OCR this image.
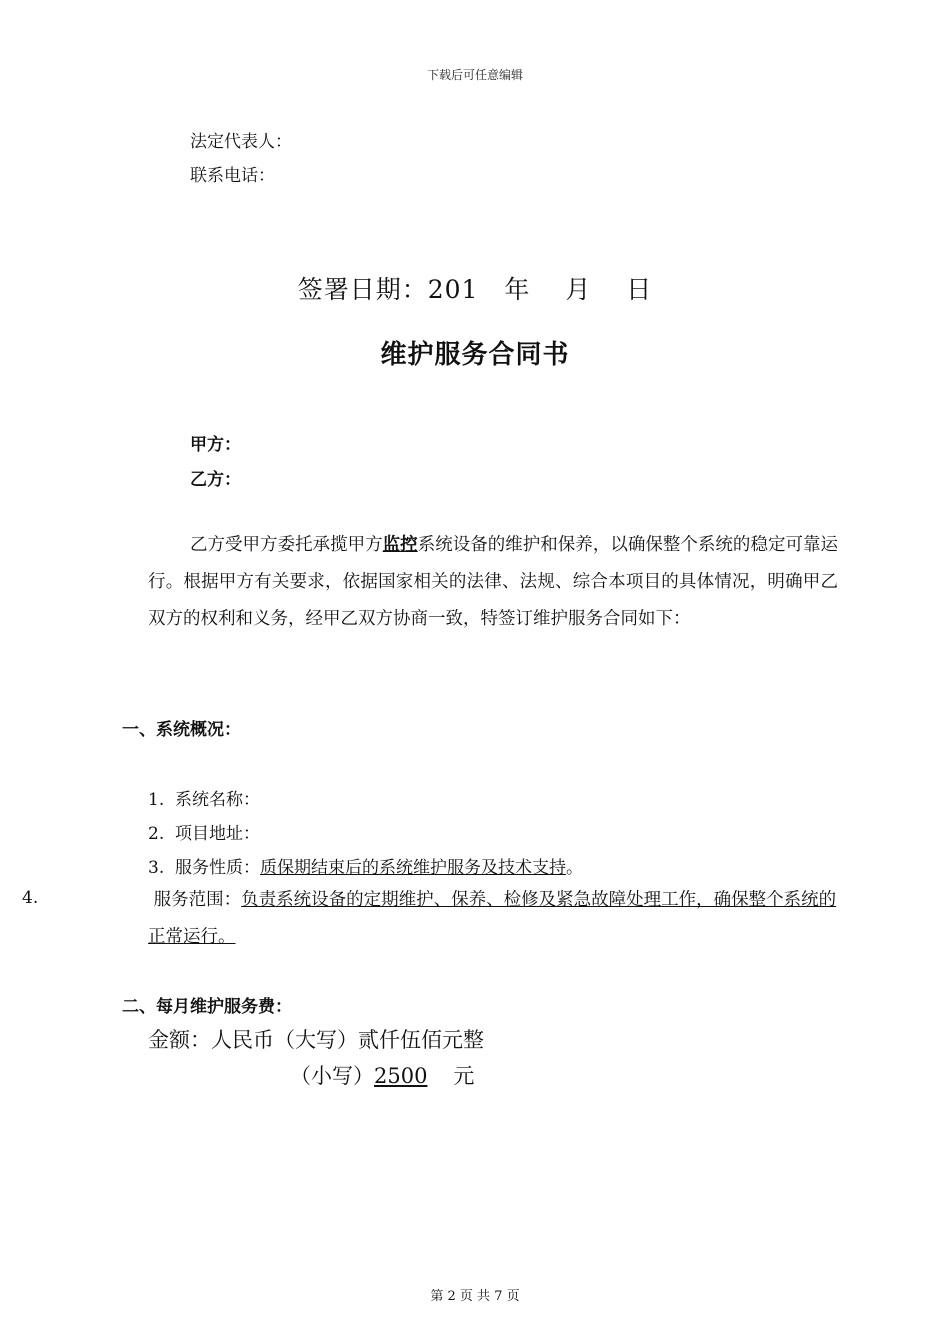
下载后可任意编辑
法定代表人：
联系电话：
签署日期：201　年　 月　 日
维护服务合同书
甲方：
乙方：
乙方受甲方委托承揽甲方监控系统设备的维护和保养，以确保整个系统的稳定可靠运行。根据甲方有关要求，依据国家相关的法律、法规、综合本项目的具体情况，明确甲乙双方的权利和义务，经甲乙双方协商一致，特签订维护服务合同如下：
一、系统概况：
1. 系统名称：
2. 项目地址：
3. 服务性质：质保期结束后的系统维护服务及技术支持。
4.	服务范围：负责系统设备的定期维护、保养、检修及紧急故障处理工作，确保整个系统的正常运行。
二、每月维护服务费：
金额：人民币（大写）贰仟伍佰元整
（小写）2500 元
第 2 页 共 7 页
